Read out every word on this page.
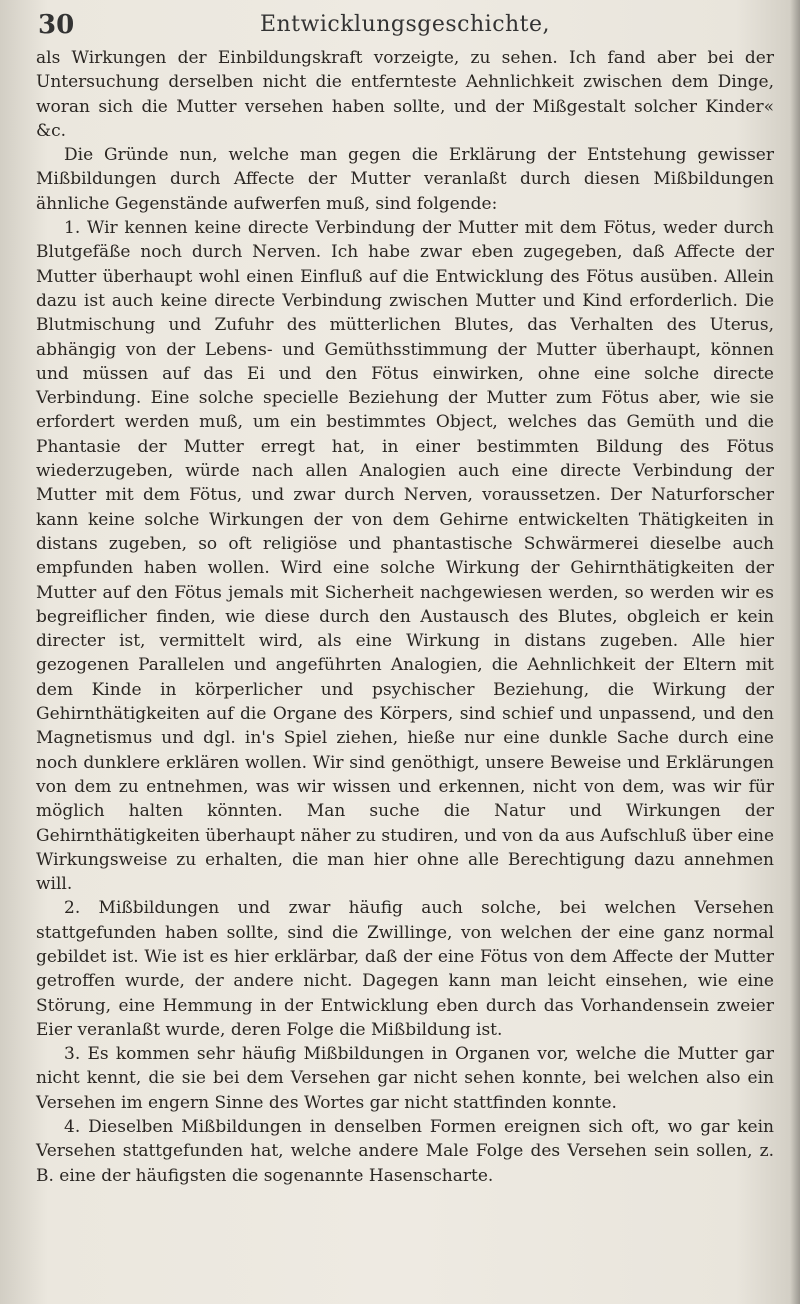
30	Entwicklungsgeschichte,

als Wirkungen der Einbildungskraft vorzeigte, zu sehen. Ich fand aber bei der Untersuchung derselben nicht die entfernteste Aehnlichkeit zwischen dem Dinge, woran sich die Mutter versehen haben sollte, und der Mißgestalt solcher Kinder« &c.

Die Gründe nun, welche man gegen die Erklärung der Entstehung gewisser Mißbildungen durch Affecte der Mutter veranlaßt durch diesen Mißbildungen ähnliche Gegenstände aufwerfen muß, sind folgende:

1. Wir kennen keine directe Verbindung der Mutter mit dem Fötus, weder durch Blutgefäße noch durch Nerven. Ich habe zwar eben zugegeben, daß Affecte der Mutter überhaupt wohl einen Einfluß auf die Entwicklung des Fötus ausüben. Allein dazu ist auch keine directe Verbindung zwischen Mutter und Kind erforderlich. Die Blutmischung und Zufuhr des mütterlichen Blutes, das Verhalten des Uterus, abhängig von der Lebens- und Gemüthsstimmung der Mutter überhaupt, können und müssen auf das Ei und den Fötus einwirken, ohne eine solche directe Verbindung. Eine solche specielle Beziehung der Mutter zum Fötus aber, wie sie erfordert werden muß, um ein bestimmtes Object, welches das Gemüth und die Phantasie der Mutter erregt hat, in einer bestimmten Bildung des Fötus wiederzugeben, würde nach allen Analogien auch eine directe Verbindung der Mutter mit dem Fötus, und zwar durch Nerven, voraussetzen. Der Naturforscher kann keine solche Wirkungen der von dem Gehirne entwickelten Thätigkeiten in distans zugeben, so oft religiöse und phantastische Schwärmerei dieselbe auch empfunden haben wollen. Wird eine solche Wirkung der Gehirnthätigkeiten der Mutter auf den Fötus jemals mit Sicherheit nachgewiesen werden, so werden wir es begreiflicher finden, wie diese durch den Austausch des Blutes, obgleich er kein directer ist, vermittelt wird, als eine Wirkung in distans zugeben. Alle hier gezogenen Parallelen und angeführten Analogien, die Aehnlichkeit der Eltern mit dem Kinde in körperlicher und psychischer Beziehung, die Wirkung der Gehirnthätigkeiten auf die Organe des Körpers, sind schief und unpassend, und den Magnetismus und dgl. in's Spiel ziehen, hieße nur eine dunkle Sache durch eine noch dunklere erklären wollen. Wir sind genöthigt, unsere Beweise und Erklärungen von dem zu entnehmen, was wir wissen und erkennen, nicht von dem, was wir für möglich halten könnten. Man suche die Natur und Wirkungen der Gehirnthätigkeiten überhaupt näher zu studiren, und von da aus Aufschluß über eine Wirkungsweise zu erhalten, die man hier ohne alle Berechtigung dazu annehmen will.

2. Mißbildungen und zwar häufig auch solche, bei welchen Versehen stattgefunden haben sollte, sind die Zwillinge, von welchen der eine ganz normal gebildet ist. Wie ist es hier erklärbar, daß der eine Fötus von dem Affecte der Mutter getroffen wurde, der andere nicht. Dagegen kann man leicht einsehen, wie eine Störung, eine Hemmung in der Entwicklung eben durch das Vorhandensein zweier Eier veranlaßt wurde, deren Folge die Mißbildung ist.

3. Es kommen sehr häufig Mißbildungen in Organen vor, welche die Mutter gar nicht kennt, die sie bei dem Versehen gar nicht sehen konnte, bei welchen also ein Versehen im engern Sinne des Wortes gar nicht stattfinden konnte.

4. Dieselben Mißbildungen in denselben Formen ereignen sich oft, wo gar kein Versehen stattgefunden hat, welche andere Male Folge des Versehen sein sollen, z. B. eine der häufigsten die sogenannte Hasenscharte.
